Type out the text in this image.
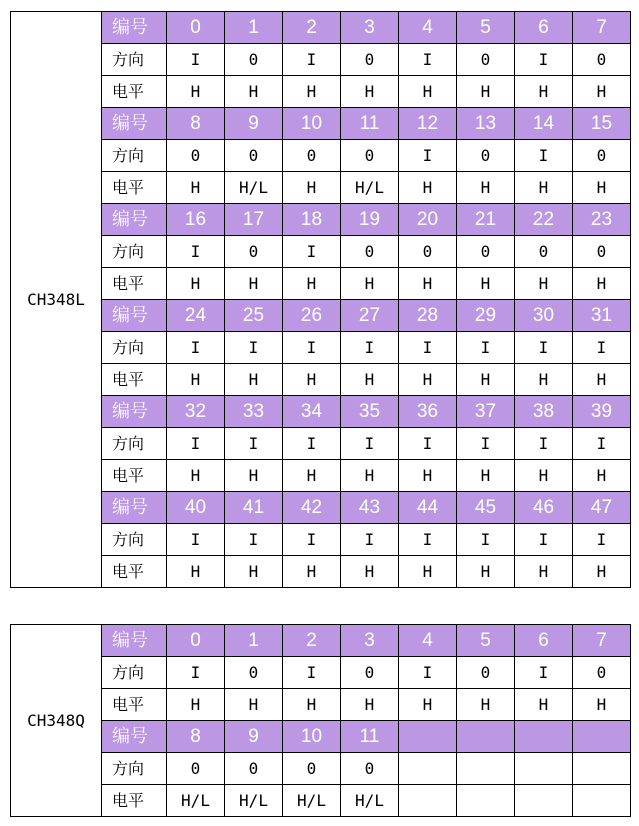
CH348L	编号	0	1	2	3	4	5	6	7
	方向	I	0	I	0	I	0	I	0
	电平	H	H	H	H	H	H	H	H
	编号	8	9	10	11	12	13	14	15
	方向	0	0	0	0	I	0	I	0
	电平	H	H/L	H	H/L	H	H	H	H
	编号	16	17	18	19	20	21	22	23
	方向	I	0	I	0	0	0	0	0
	电平	H	H	H	H	H	H	H	H
	编号	24	25	26	27	28	29	30	31
	方向	I	I	I	I	I	I	I	I
	电平	H	H	H	H	H	H	H	H
	编号	32	33	34	35	36	37	38	39
	方向	I	I	I	I	I	I	I	I
	电平	H	H	H	H	H	H	H	H
	编号	40	41	42	43	44	45	46	47
	方向	I	I	I	I	I	I	I	I
	电平	H	H	H	H	H	H	H	H
CH348Q	编号	0	1	2	3	4	5	6	7
	方向	I	0	I	0	I	0	I	0
	电平	H	H	H	H	H	H	H	H
	编号	8	9	10	11				
	方向	0	0	0	0				
	电平	H/L	H/L	H/L	H/L				
